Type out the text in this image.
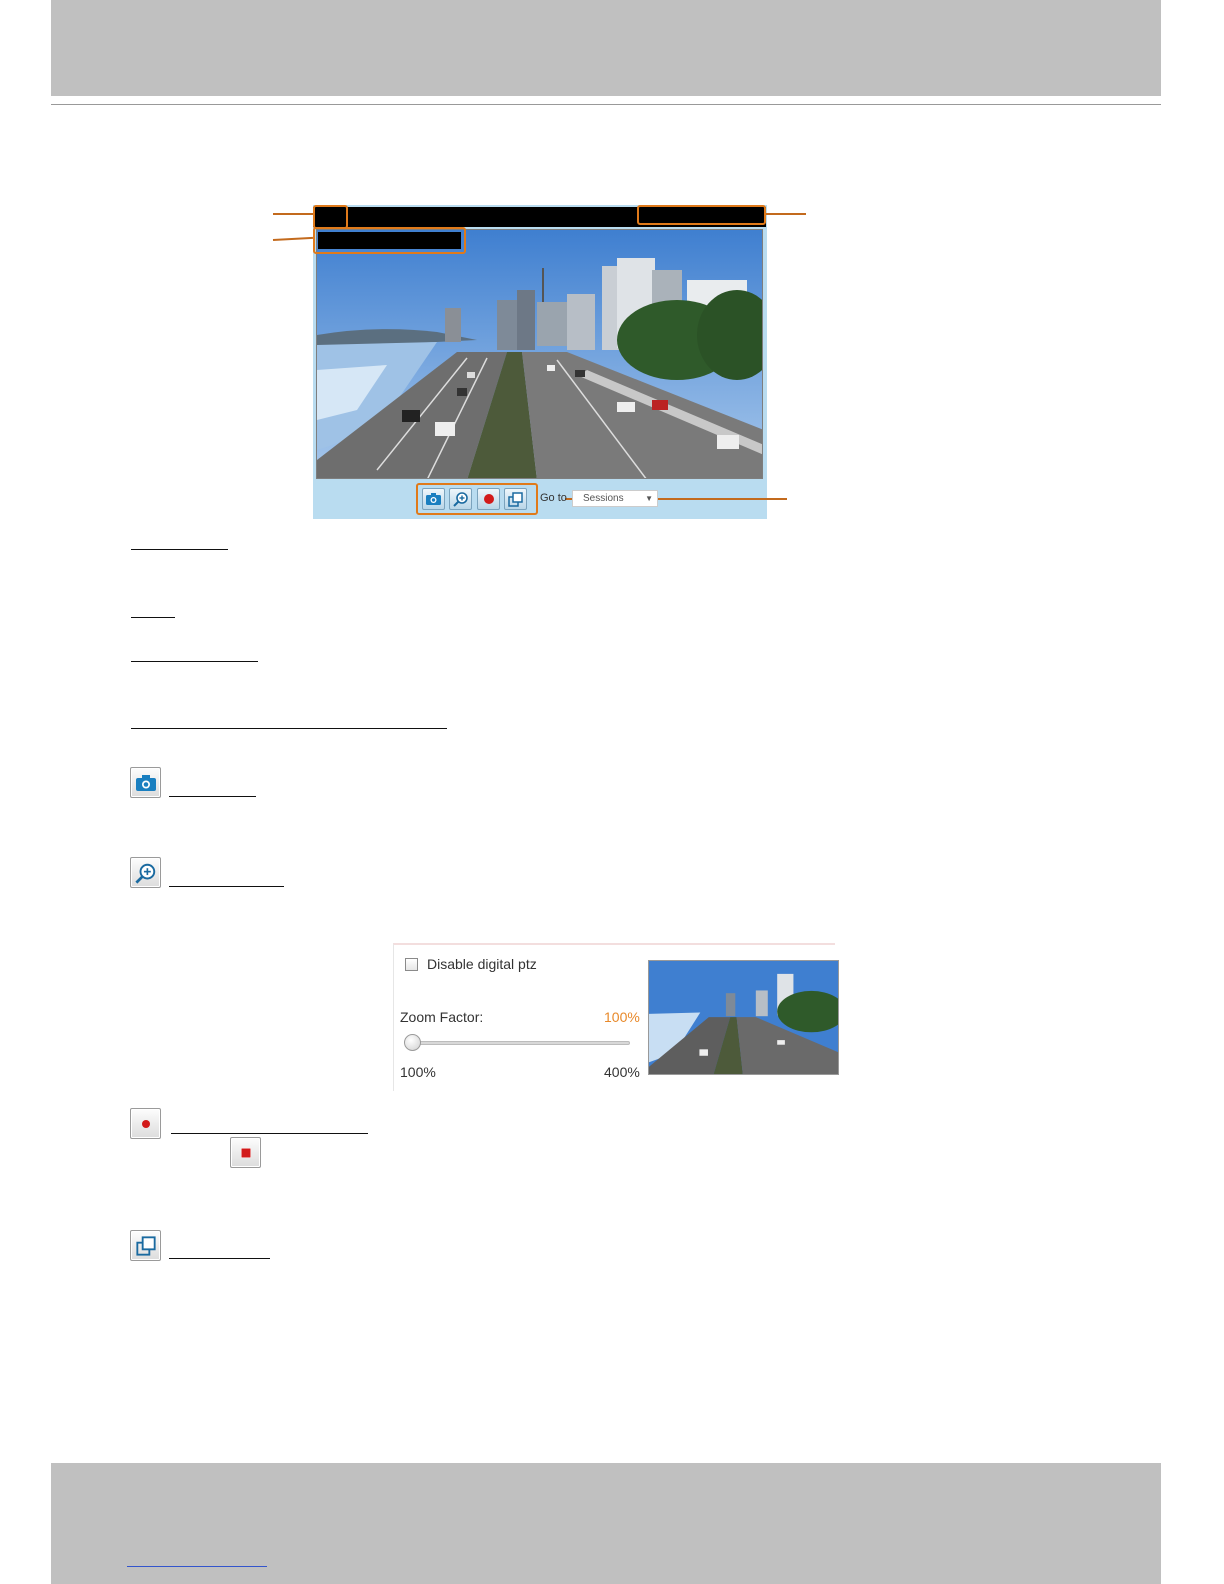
Go to	Sessions	▼
Disable digital ptz
Zoom Factor:	100%
100%	400%
